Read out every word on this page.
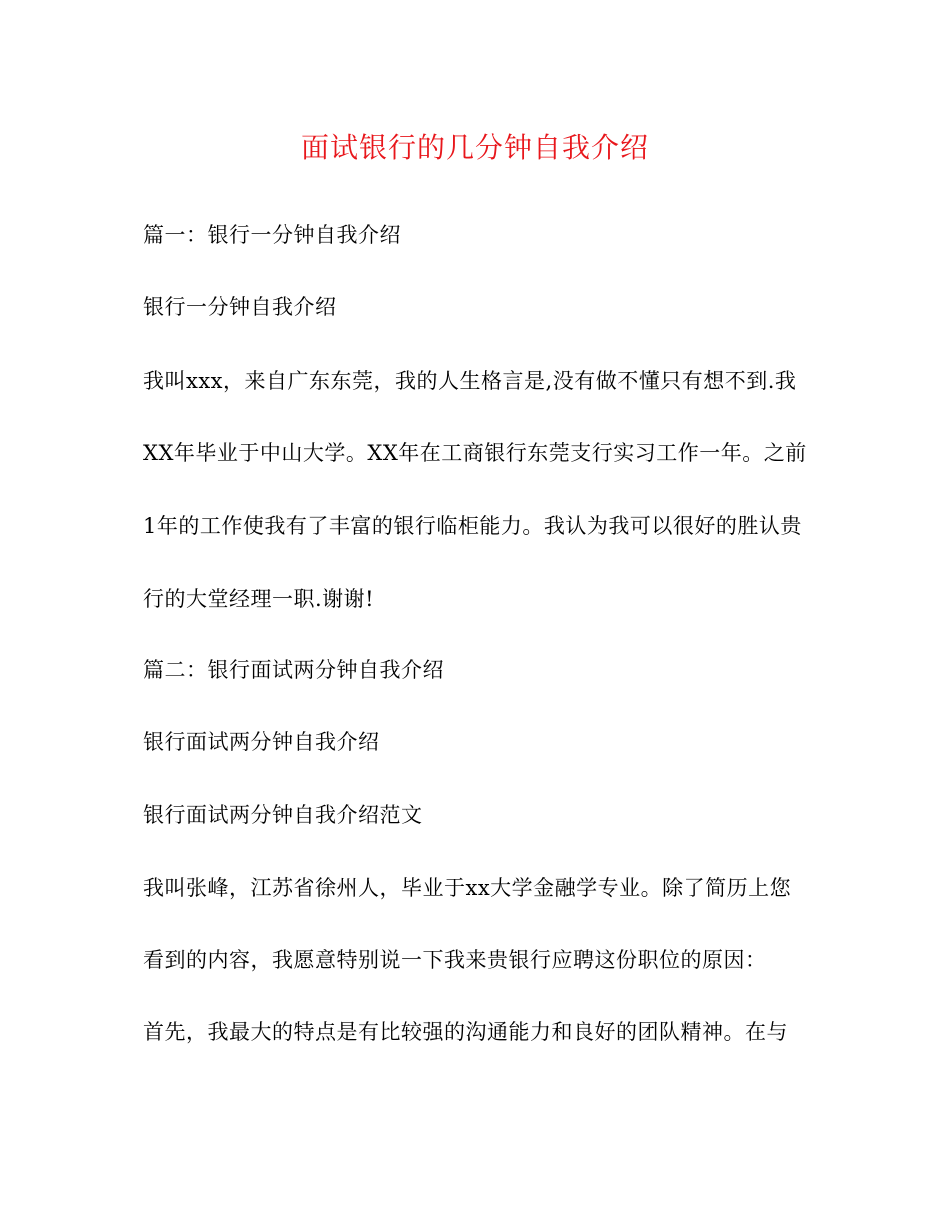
面试银行的几分钟自我介绍
篇一：银行一分钟自我介绍
银行一分钟自我介绍
我叫xxx，来自广东东莞，我的人生格言是,没有做不懂只有想不到.我
XX年毕业于中山大学。XX年在工商银行东莞支行实习工作一年。之前
1年的工作使我有了丰富的银行临柜能力。我认为我可以很好的胜认贵
行的大堂经理一职.谢谢!
篇二：银行面试两分钟自我介绍
银行面试两分钟自我介绍
银行面试两分钟自我介绍范文
我叫张峰，江苏省徐州人，毕业于xx大学金融学专业。除了简历上您
看到的内容，我愿意特别说一下我来贵银行应聘这份职位的原因：
首先，我最大的特点是有比较强的沟通能力和良好的团队精神。在与
